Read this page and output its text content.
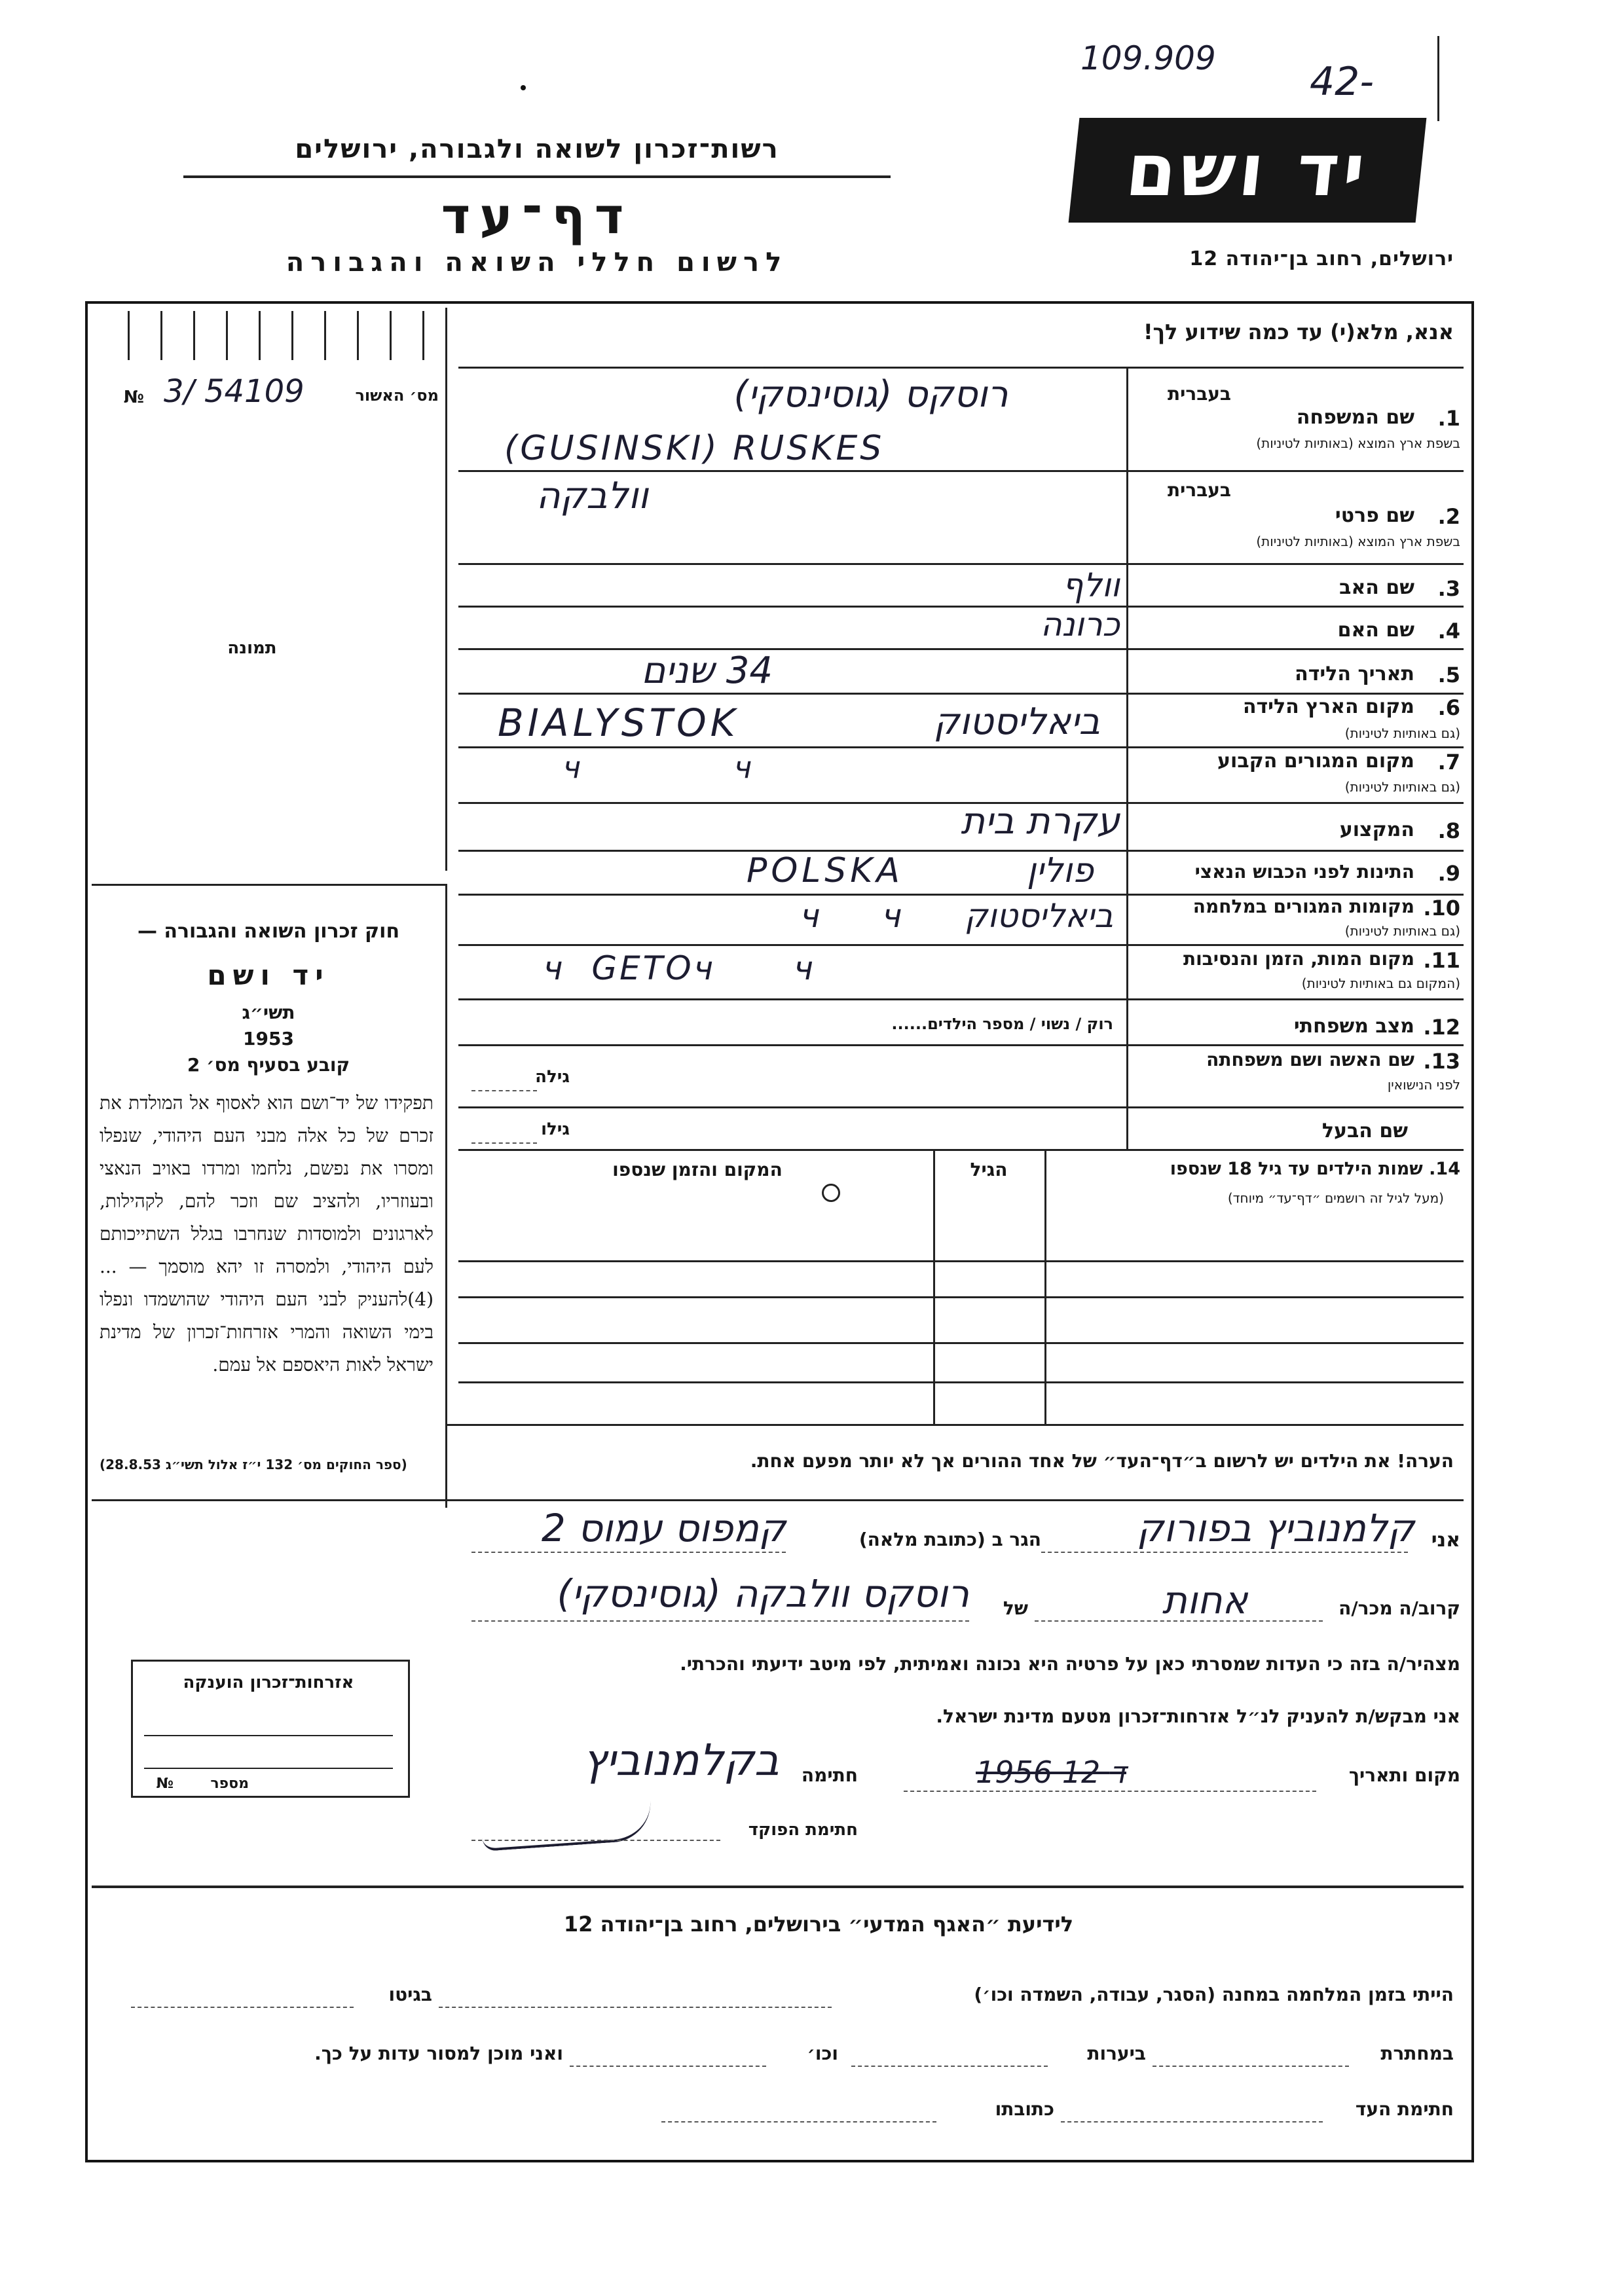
109.909
42-
רשות־זכרון לשואה ולגבורה, ירושלים
דף־עד
לרשום חללי השואה והגבורה
יד ושם
ירושלים, רחוב בן־יהודה 12
מס׳ האשור
3/ 54109
№
תמונה
חוק זכרון השואה והגבורה —
יד ושם
תשי״ג
1953
קובע בסעיף מס׳ 2
תפקידו של יד־ושם הוא לאסוף אל המולדת את זכרם של כל אלה מבני העם היהודי, שנפלו ומסרו את נפשם, נלחמו ומרדו באויב הנאצי ובעוזריו, ולהציב שם וזכר להם, לקהילות, לארגונים ולמוסדות שנחרבו בגלל השתייכותם לעם היהודי, ולמסרה זו יהא מוסמך — ...(4)להעניק לבני העם היהודי שהושמדו ונפלו בימי השואה והמרי אזרחות־זכרון של מדינת ישראל לאות היאספם אל עמם.
(ספר החוקים מס׳ 132 י״ז אלול תשי״ג 28.8.53)
אנא, מלא(י) עד כמה שידוע לך!
1.
שם המשפחה
בעברית
בשפת ארץ המוצא (באותיות לטיניות)
רוסקס (גוסינסקי)
(GUSINSKI) RUSKES
2.
שם פרטי
בעברית
בשפת ארץ המוצא (באותיות לטיניות)
וולבקה
3.
שם האב
וולף
4.
שם האם
כרונה
5.
תאריך הלידה
34 שנים
6.
מקום הארץ הלידה
(גם באותיות לטיניות)
BIALYSTOK	ביאליסטוק
7.
מקום המגורים הקבוע
(גם באותיות לטיניות)
ч                ч
8.
המקצוע
עקרת בית
9.
התינות לפני הכבוש הנאצי
POLSKA	פולין
10.
מקומות המגורים במלחמה
(גם באותיות לטיניות)
ביאליסטוק      ч      ч
11.
מקום המות, הזמן והנסיבות
(המקום גם באותיות לטיניות)
ч  GETOч      ч
12.
מצב משפחתי
רוק / נשוי / מספר הילדים......
13.
שם האשה ושם משפחתה
לפני הנישואין
גילה
שם הבעל
גילו
14. שמות הילדים עד גיל 18 שנספו
(מעל לגיל זה רושמים ״דף־עד״ מיוחד)
הגיל
המקום והזמן שנספו
הערה! את הילדים יש לרשום ב״דף־העד״ של אחד ההורים אך לא יותר מפעם אחת.
אני
קלמנוביץ בפורוק
הגר ב (כתובת מלאה)
קמפוס עמוס 2
קרוב/ה מכר/ה
אחות
של
רוסקס וולבקה (גוסינסקי)
מצהיר/ה בזה כי העדות שמסרתי כאן על פרטיה היא נכונה ואמיתית, לפי מיטב ידיעתי והכרתי.
אני מבקש/ת להעניק לנ״ל אזרחות־זכרון מטעם מדינת ישראל.
מקום ותאריך
1956 12 ד
חתימה
בקלמנוביץ
חתימת הפוקד
אזרחות־זכרון הוענקה
מספר
№
לידיעת ״האגף המדעי״ בירושלים, רחוב בן־יהודה 12
הייתי בזמן המלחמה במחנה (הסגר, עבודה, השמדה וכו׳)
בגיטו
במחתרת
ביערות
וכו׳
ואני מוכן למסור עדות על כך.
חתימת העד
כתובתו
